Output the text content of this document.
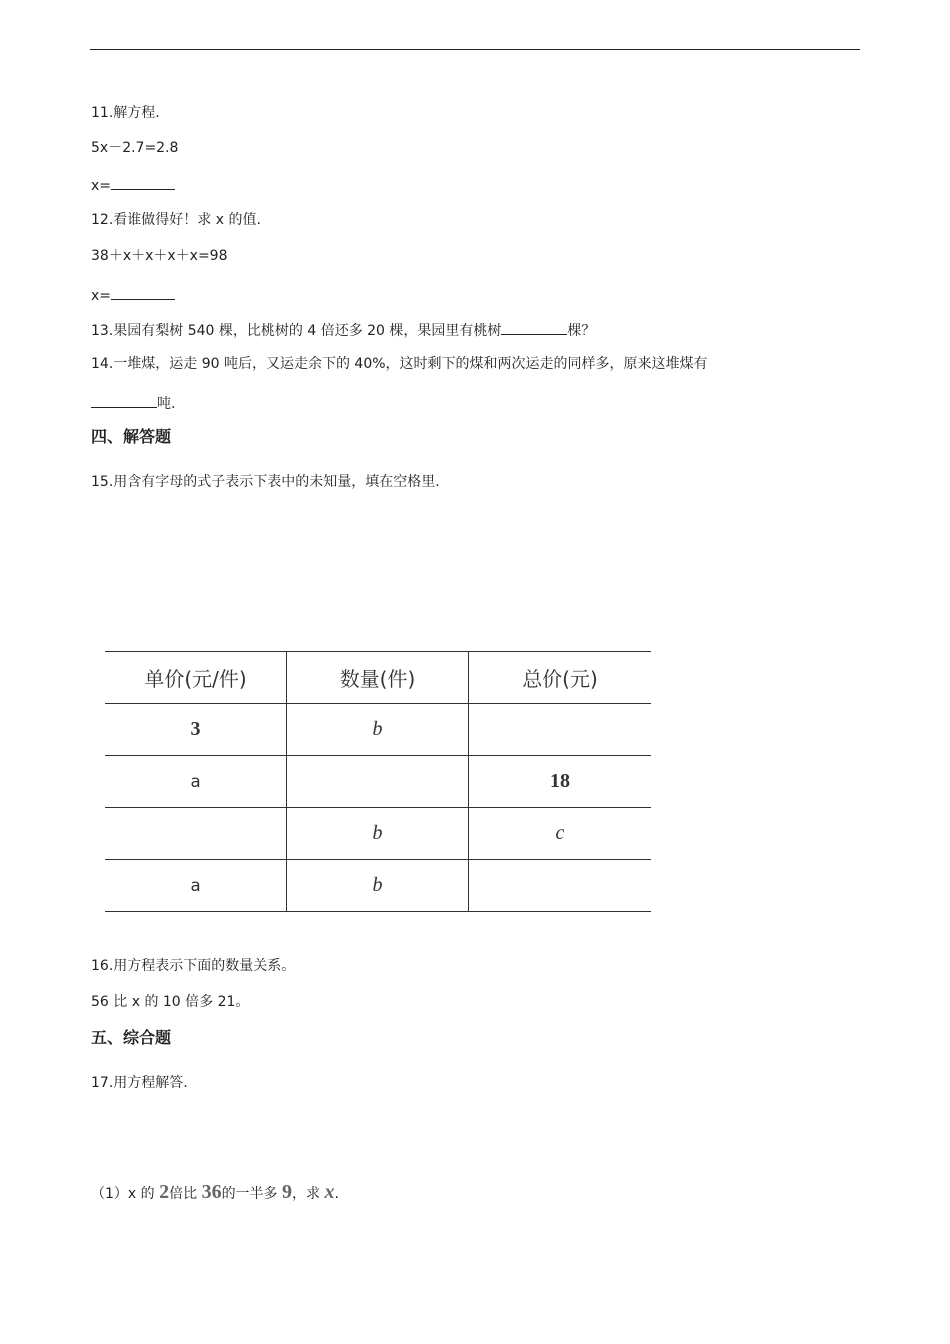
11.解方程.
5x－2.7=2.8
x=
12.看谁做得好！求 x 的值.
38＋x＋x＋x＋x=98
x=
13.果园有梨树 540 棵，比桃树的 4 倍还多 20 棵，果园里有桃树	棵？
14.一堆煤，运走 90 吨后，又运走余下的 40%，这时剩下的煤和两次运走的同样多，原来这堆煤有
吨.
四、解答题
15.用含有字母的式子表示下表中的未知量，填在空格里.
单价(元/件)	数量(件)	总价(元)
3	b	
a		18
	b	c
a	b	
16.用方程表示下面的数量关系。
56 比 x 的 10 倍多 21。
五、综合题
17.用方程解答.
（1）x 的 2倍比 36的一半多 9，求 x.
